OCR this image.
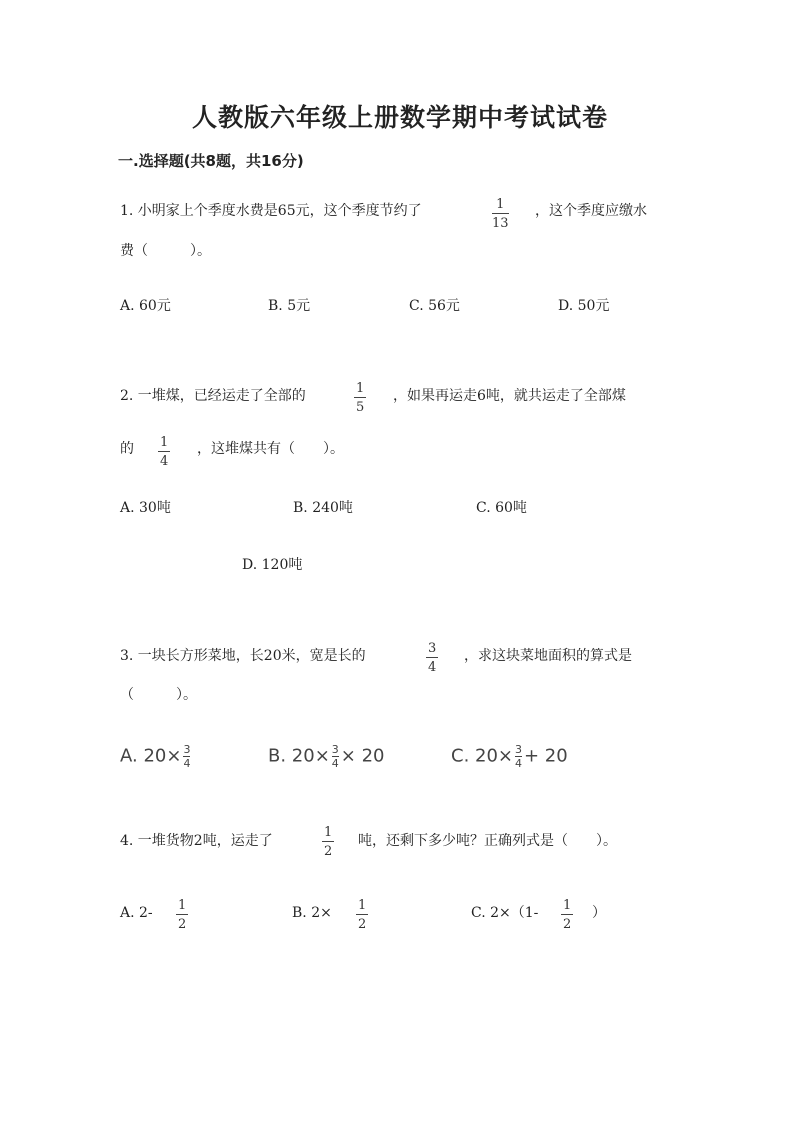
人教版六年级上册数学期中考试试卷
一.选择题(共8题，共16分)
1. 小明家上个季度水费是65元，这个季度节约了	1
13
，这个季度应缴水
费（　　　）。
A. 60元	B. 5元	C. 56元	D. 50元
2. 一堆煤，已经运走了全部的	1
5
，如果再运走6吨，就共运走了全部煤
的 1
4
，这堆煤共有（　　）。
A. 30吨	B. 240吨	C. 60吨
D. 120吨
3. 一块长方形菜地，长20米，宽是长的	3
4
，求这块菜地面积的算式是
（　　　）。
A. $20\times \frac{3}{4}$	B. $20\times \frac{3}{4} \times 20$	C. $20\times \frac{3}{4} + 20$
4. 一堆货物2吨，运走了
1
2
吨，还剩下多少吨？正确列式是（　　）。
A. 2- 1
2
B. 2× 1
2
C. 2×（1- 1
2
）
